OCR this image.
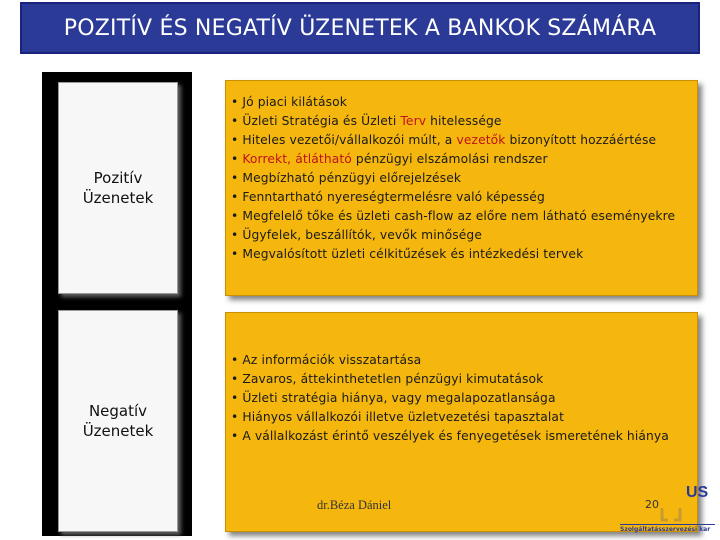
POZITÍV ÉS NEGATÍV ÜZENETEK A BANKOK SZÁMÁRA
Pozitív
Üzenetek
Negatív
Üzenetek
• Jó piaci kilátások
• Üzleti Stratégia és Üzleti Terv hitelessége
• Hiteles vezetői/vállalkozói múlt, a vezetők bizonyított hozzáértése
• Korrekt, átlátható pénzügyi elszámolási rendszer
• Megbízható pénzügyi előrejelzések
• Fenntartható nyereségtermelésre való képesség
• Megfelelő tőke és üzleti cash-flow az előre nem látható eseményekre
• Ügyfelek, beszállítók, vevők minősége
• Megvalósított üzleti célkitűzések és intézkedési tervek
• Az információk visszatartása
• Zavaros, áttekinthetetlen pénzügyi kimutatások
• Üzleti stratégia hiánya, vagy megalapozatlansága
• Hiányos vállalkozói illetve üzletvezetési tapasztalat
• A vállalkozást érintő veszélyek és fenyegetések ismeretének hiánya
dr.Béza Dániel	20
US
Szolgáltatásszervezési kar
